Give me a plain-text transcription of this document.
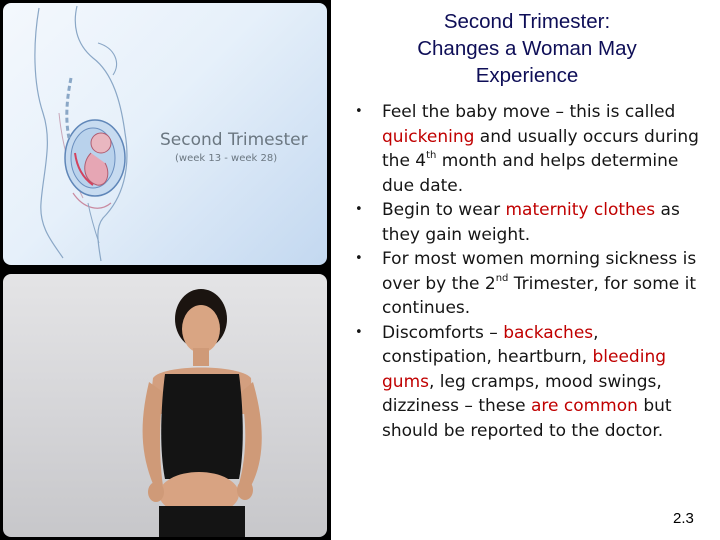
Second Trimester
(week 13 - week 28)
Second Trimester:
Changes a Woman May
Experience
• Feel the baby move – this is called quickening and usually occurs during the 4th month and helps determine due date.
• Begin to wear maternity clothes as they gain weight.
• For most women morning sickness is over by the 2nd Trimester, for some it continues.
• Discomforts – backaches, constipation, heartburn, bleeding gums, leg cramps, mood swings, dizziness – these are common but should be reported to the doctor.
2.3
